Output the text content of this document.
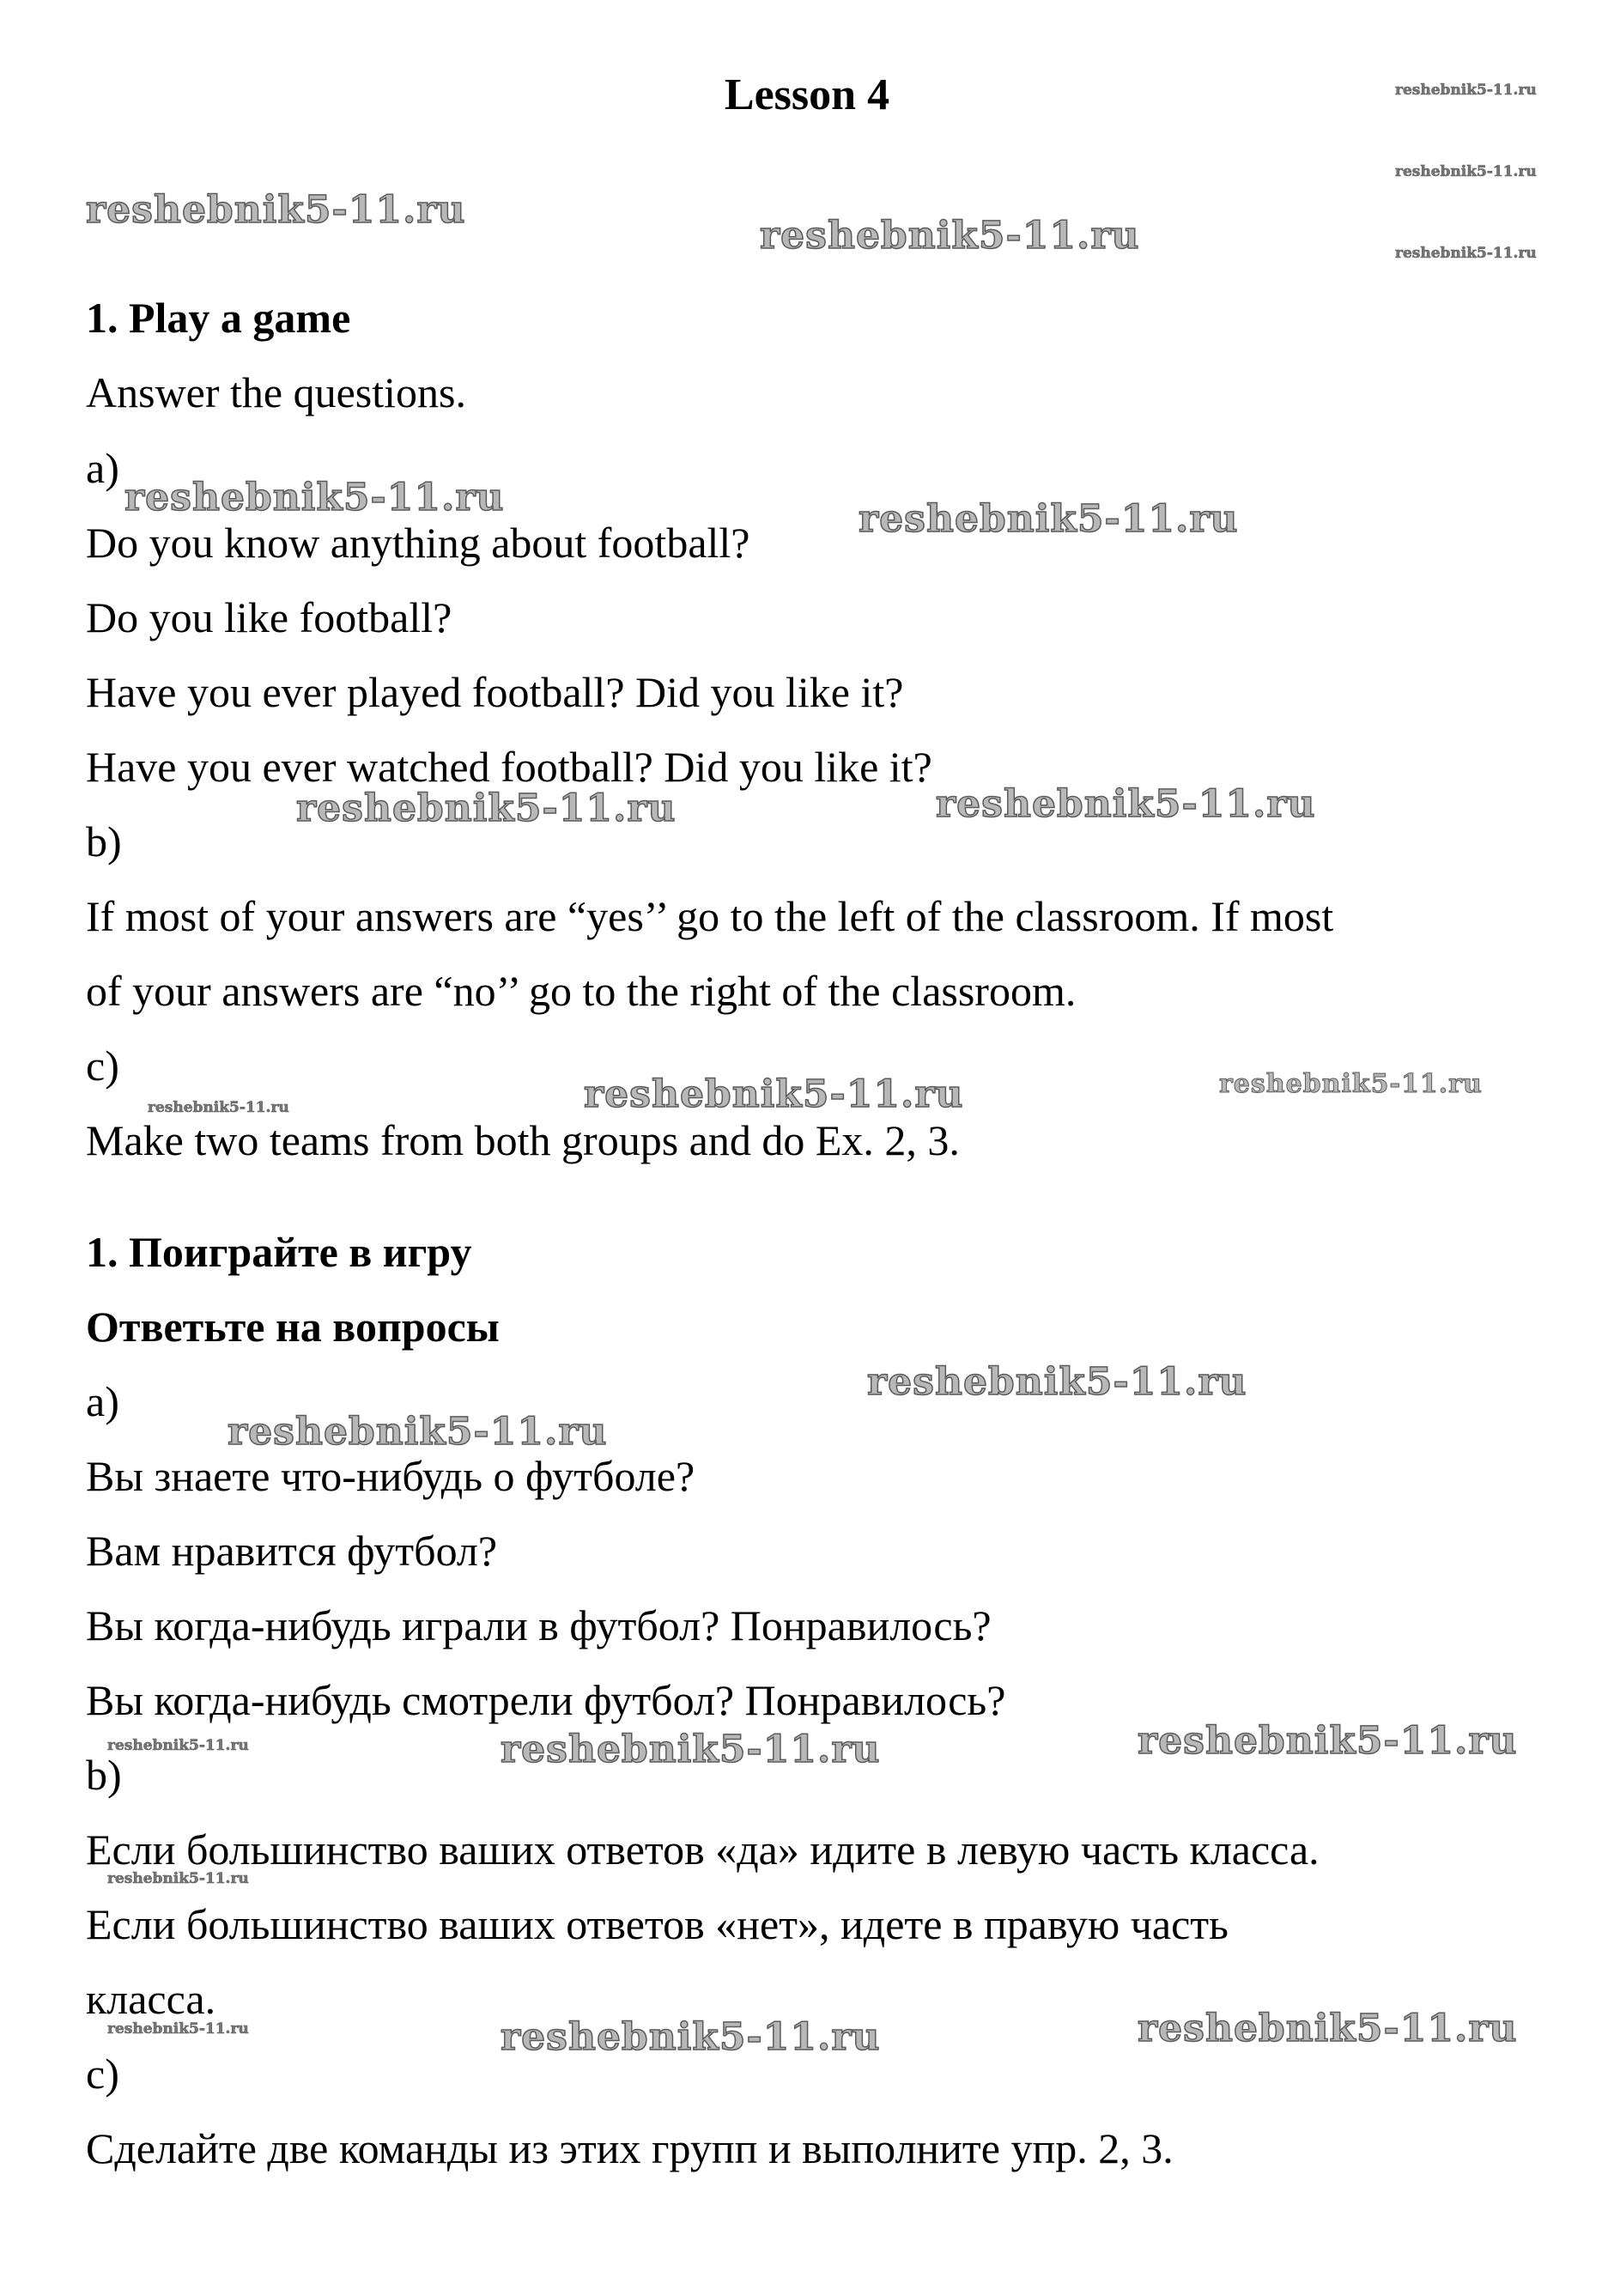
Lesson 4
1. Play a game
Answer the questions.
a)
Do you know anything about football?
Do you like football?
Have you ever played football? Did you like it?
Have you ever watched football? Did you like it?
b)
If most of your answers are “yes’’ go to the left of the classroom. If most
of your answers are “no’’ go to the right of the classroom.
c)
Make two teams from both groups and do Ex. 2, 3.
1. Поиграйте в игру
Ответьте на вопросы
a)
Вы знаете что-нибудь о футболе?
Вам нравится футбол?
Вы когда-нибудь играли в футбол? Понравилось?
Вы когда-нибудь смотрели футбол? Понравилось?
b)
Если большинство ваших ответов «да» идите в левую часть класса.
Если большинство ваших ответов «нет», идете в правую часть
класса.
c)
Сделайте две команды из этих групп и выполните упр. 2, 3.
reshebnik5-11.ru
reshebnik5-11.ru
reshebnik5-11.ru	reshebnik5-11.ru
reshebnik5-11.ru	reshebnik5-11.ru
reshebnik5-11.ru
reshebnik5-11.ru
reshebnik5-11.ru
reshebnik5-11.ru	reshebnik5-11.ru
reshebnik5-11.ru	reshebnik5-11.ru
reshebnik5-11.ru
reshebnik5-11.ru
reshebnik5-11.ru
reshebnik5-11.ru
reshebnik5-11.ru
reshebnik5-11.ru
reshebnik5-11.ru
reshebnik5-11.ru
